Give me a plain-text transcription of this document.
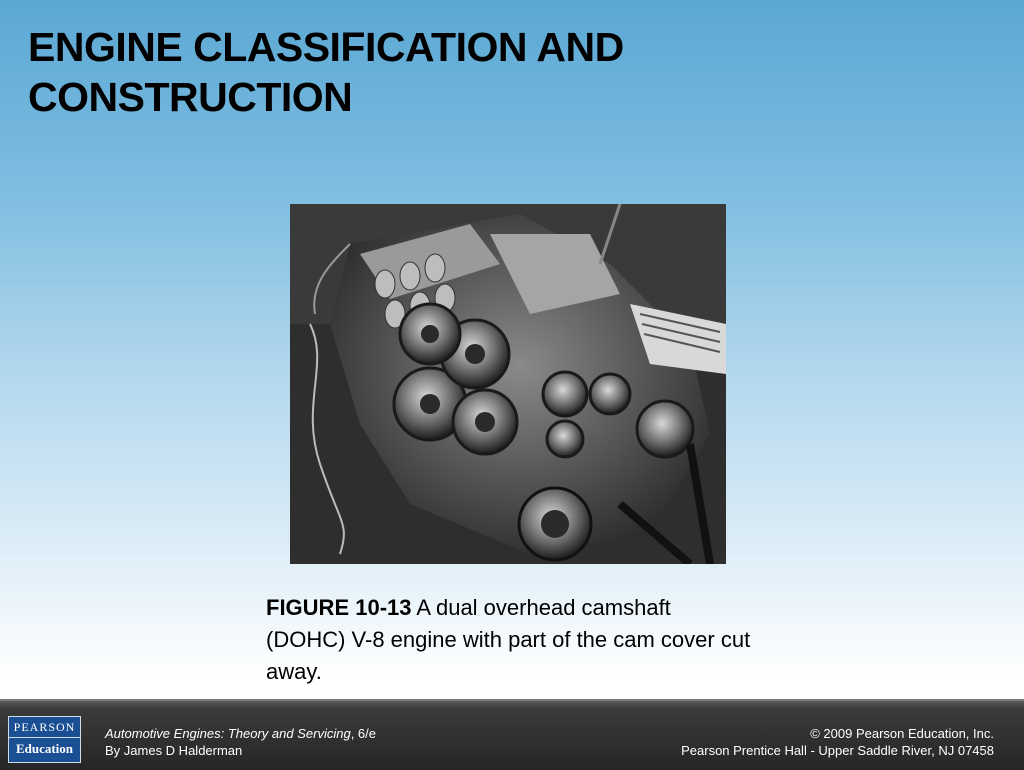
ENGINE CLASSIFICATION AND CONSTRUCTION
FIGURE 10-13 A dual overhead camshaft (DOHC) V-8 engine with part of the cam cover cut away.
PEARSON
Education
Automotive Engines: Theory and Servicing, 6/e
By James D Halderman
© 2009 Pearson Education, Inc.
Pearson Prentice Hall - Upper Saddle River, NJ 07458
